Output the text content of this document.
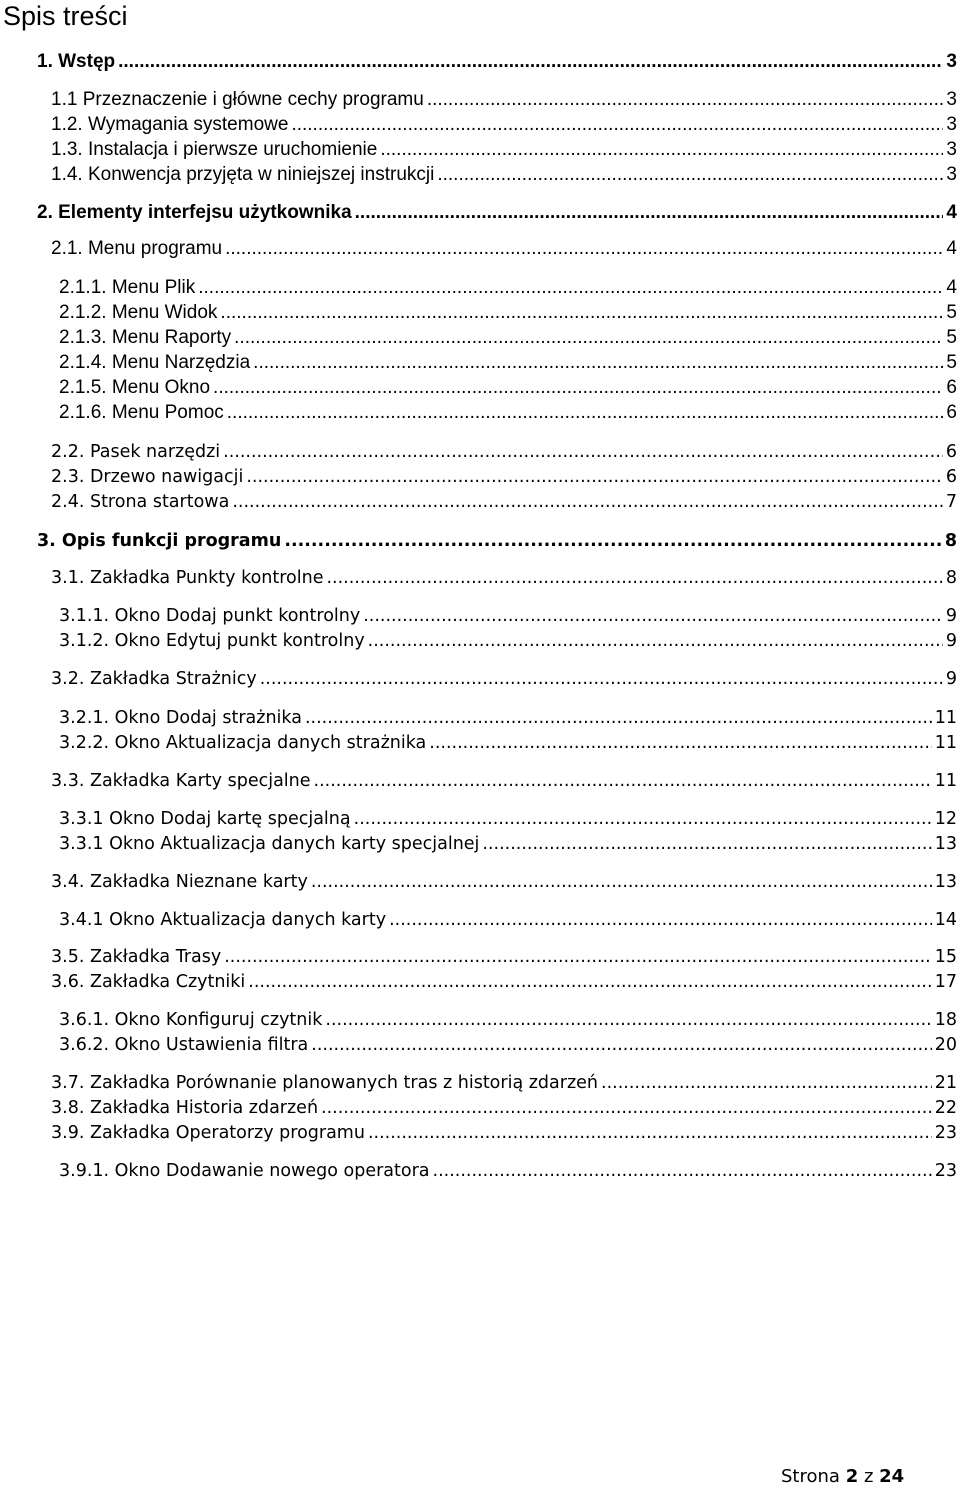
Spis treści
1. Wstęp .....	3
1.1 Przeznaczenie i główne cechy programu .....	3
1.2. Wymagania systemowe .....	3
1.3. Instalacja i pierwsze uruchomienie .....	3
1.4. Konwencja przyjęta w niniejszej instrukcji .....	3
2. Elementy interfejsu użytkownika .....	4
2.1. Menu programu .....	4
2.1.1. Menu Plik .....	4
2.1.2. Menu Widok .....	5
2.1.3. Menu Raporty .....	5
2.1.4. Menu Narzędzia .....	5
2.1.5. Menu Okno .....	6
2.1.6. Menu Pomoc .....	6
2.2. Pasek narzędzi .....	6
2.3. Drzewo nawigacji .....	6
2.4. Strona startowa .....	7
3. Opis funkcji programu .....	8
3.1. Zakładka Punkty kontrolne .....	8
3.1.1. Okno Dodaj punkt kontrolny .....	9
3.1.2. Okno Edytuj punkt kontrolny .....	9
3.2. Zakładka Strażnicy .....	9
3.2.1. Okno Dodaj strażnika .....	11
3.2.2. Okno Aktualizacja danych strażnika .....	11
3.3. Zakładka Karty specjalne .....	11
3.3.1 Okno Dodaj kartę specjalną .....	12
3.3.1 Okno Aktualizacja danych karty specjalnej .....	13
3.4. Zakładka Nieznane karty .....	13
3.4.1 Okno Aktualizacja danych karty .....	14
3.5. Zakładka Trasy .....	15
3.6. Zakładka Czytniki .....	17
3.6.1. Okno Konfiguruj czytnik .....	18
3.6.2. Okno Ustawienia filtra .....	20
3.7. Zakładka Porównanie planowanych tras z historią zdarzeń .....	21
3.8. Zakładka Historia zdarzeń .....	22
3.9. Zakładka Operatorzy programu .....	23
3.9.1. Okno Dodawanie nowego operatora .....	23
Strona 2 z 24
